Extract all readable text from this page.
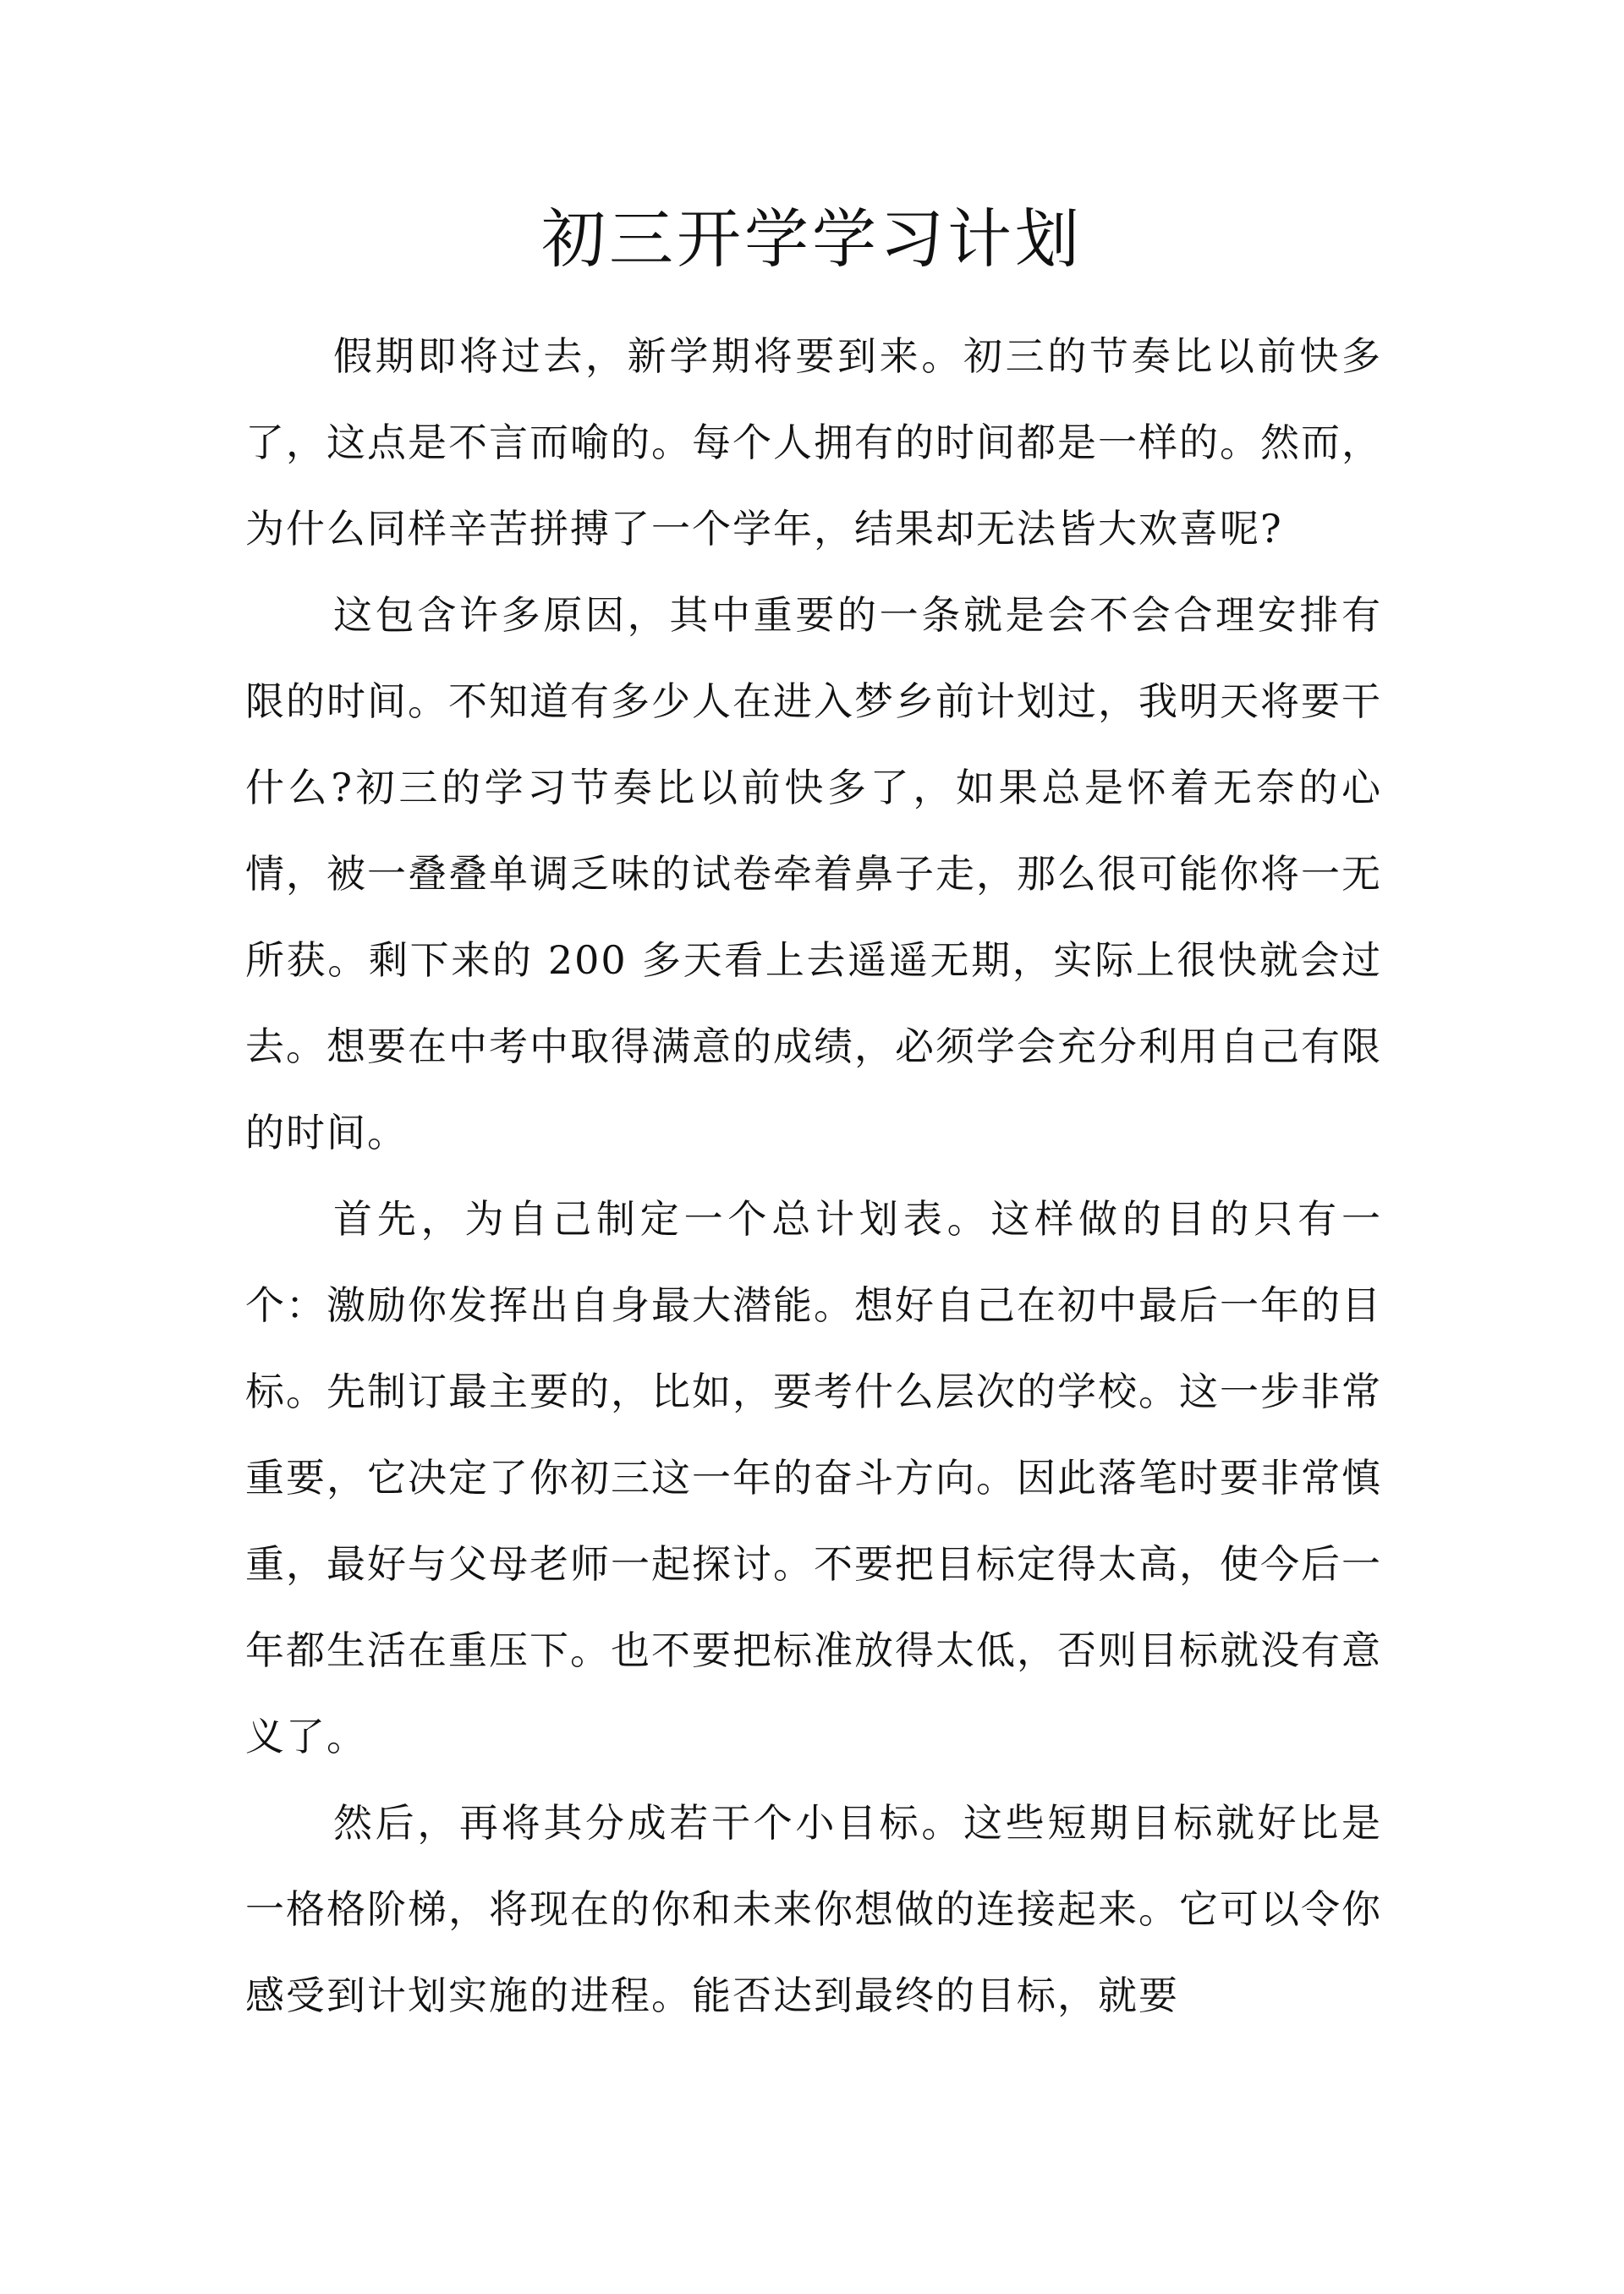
初三开学学习计划

假期即将过去，新学期将要到来。初三的节奏比以前快多了，这点是不言而喻的。每个人拥有的时间都是一样的。然而，为什么同样辛苦拼搏了一个学年，结果却无法皆大欢喜呢?

这包含许多原因，其中重要的一条就是会不会合理安排有限的时间。不知道有多少人在进入梦乡前计划过，我明天将要干什么?初三的学习节奏比以前快多了，如果总是怀着无奈的心情，被一叠叠单调乏味的试卷牵着鼻子走，那么很可能你将一无所获。剩下来的 200 多天看上去遥遥无期，实际上很快就会过去。想要在中考中取得满意的成绩，必须学会充分利用自己有限的时间。

首先，为自己制定一个总计划表。这样做的目的只有一个：激励你发挥出自身最大潜能。想好自己在初中最后一年的目标。先制订最主要的，比如，要考什么层次的学校。这一步非常重要，它决定了你初三这一年的奋斗方向。因此落笔时要非常慎重，最好与父母老师一起探讨。不要把目标定得太高，使今后一年都生活在重压下。也不要把标准放得太低，否则目标就没有意义了。

然后，再将其分成若干个小目标。这些短期目标就好比是一格格阶梯，将现在的你和未来你想做的连接起来。它可以令你感受到计划实施的进程。能否达到最终的目标，就要
